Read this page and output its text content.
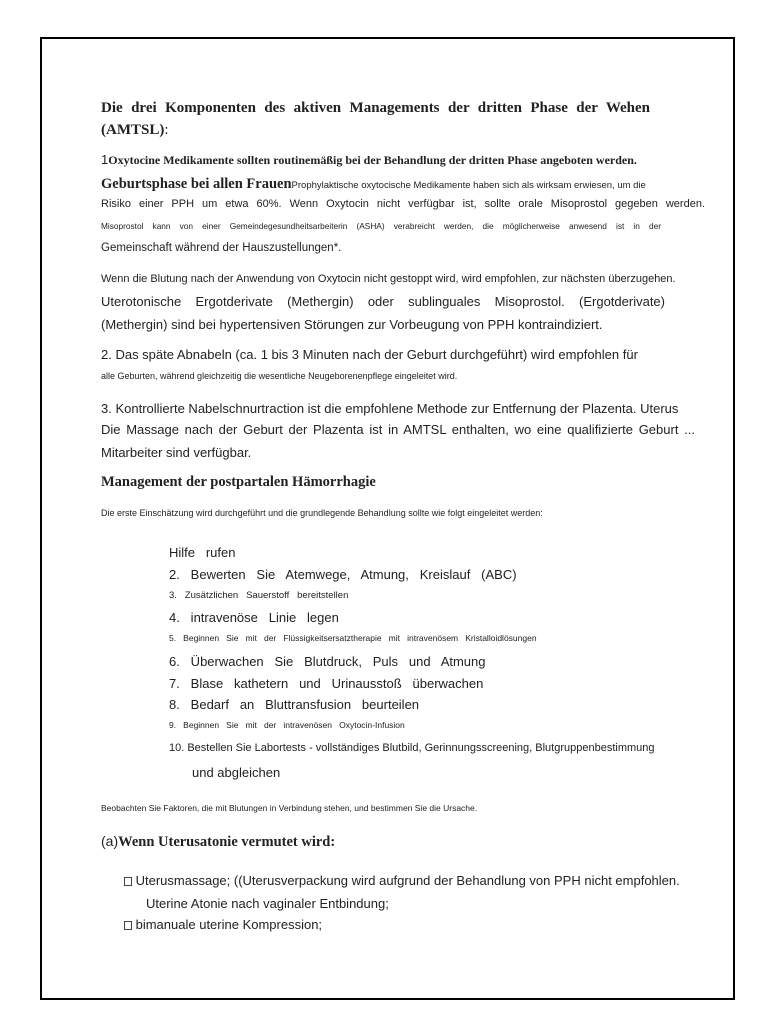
Die drei Komponenten des aktiven Managements der dritten Phase der Wehen
(AMTSL):
1Oxytocine Medikamente sollten routinemäßig bei der Behandlung der dritten Phase angeboten werden.
Geburtsphase bei allen FrauenProphylaktische oxytocische Medikamente haben sich als wirksam erwiesen, um die
Risiko einer PPH um etwa 60%. Wenn Oxytocin nicht verfügbar ist, sollte orale Misoprostol gegeben werden.
Misoprostol kann von einer Gemeindegesundheitsarbeiterin (ASHA) verabreicht werden, die möglicherweise anwesend ist in der
Gemeinschaft während der Hauszustellungen*.
Wenn die Blutung nach der Anwendung von Oxytocin nicht gestoppt wird, wird empfohlen, zur nächsten überzugehen.
Uterotonische Ergotderivate (Methergin) oder sublinguales Misoprostol. (Ergotderivate)
(Methergin) sind bei hypertensiven Störungen zur Vorbeugung von PPH kontraindiziert.
2. Das späte Abnabeln (ca. 1 bis 3 Minuten nach der Geburt durchgeführt) wird empfohlen für
alle Geburten, während gleichzeitig die wesentliche Neugeborenenpflege eingeleitet wird.
3. Kontrollierte Nabelschnurtraction ist die empfohlene Methode zur Entfernung der Plazenta. Uterus
Die Massage nach der Geburt der Plazenta ist in AMTSL enthalten, wo eine qualifizierte Geburt ...
Mitarbeiter sind verfügbar.
Management der postpartalen Hämorrhagie
Die erste Einschätzung wird durchgeführt und die grundlegende Behandlung sollte wie folgt eingeleitet werden:
Hilfe   rufen
2.   Bewerten   Sie   Atemwege,   Atmung,   Kreislauf   (ABC)
3.   Zusätzlichen   Sauerstoff   bereitstellen
4.   intravenöse   Linie   legen
5.   Beginnen   Sie   mit   der   Flüssigkeitsersatztherapie   mit   intravenösem   Kristalloidlösungen
6.   Überwachen   Sie   Blutdruck,   Puls   und   Atmung
7.   Blase   kathetern   und   Urinausstoß   überwachen
8.   Bedarf   an   Bluttransfusion   beurteilen
9.   Beginnen   Sie   mit   der   intravenösen   Oxytocin-Infusion
10. Bestellen Sie Labortests - vollständiges Blutbild, Gerinnungsscreening, Blutgruppenbestimmung
und abgleichen
Beobachten Sie Faktoren, die mit Blutungen in Verbindung stehen, und bestimmen Sie die Ursache.
(a)Wenn Uterusatonie vermutet wird:
Uterusmassage; ((Uterusverpackung wird aufgrund der Behandlung von PPH nicht empfohlen.
Uterine Atonie nach vaginaler Entbindung;
bimanuale uterine Kompression;
